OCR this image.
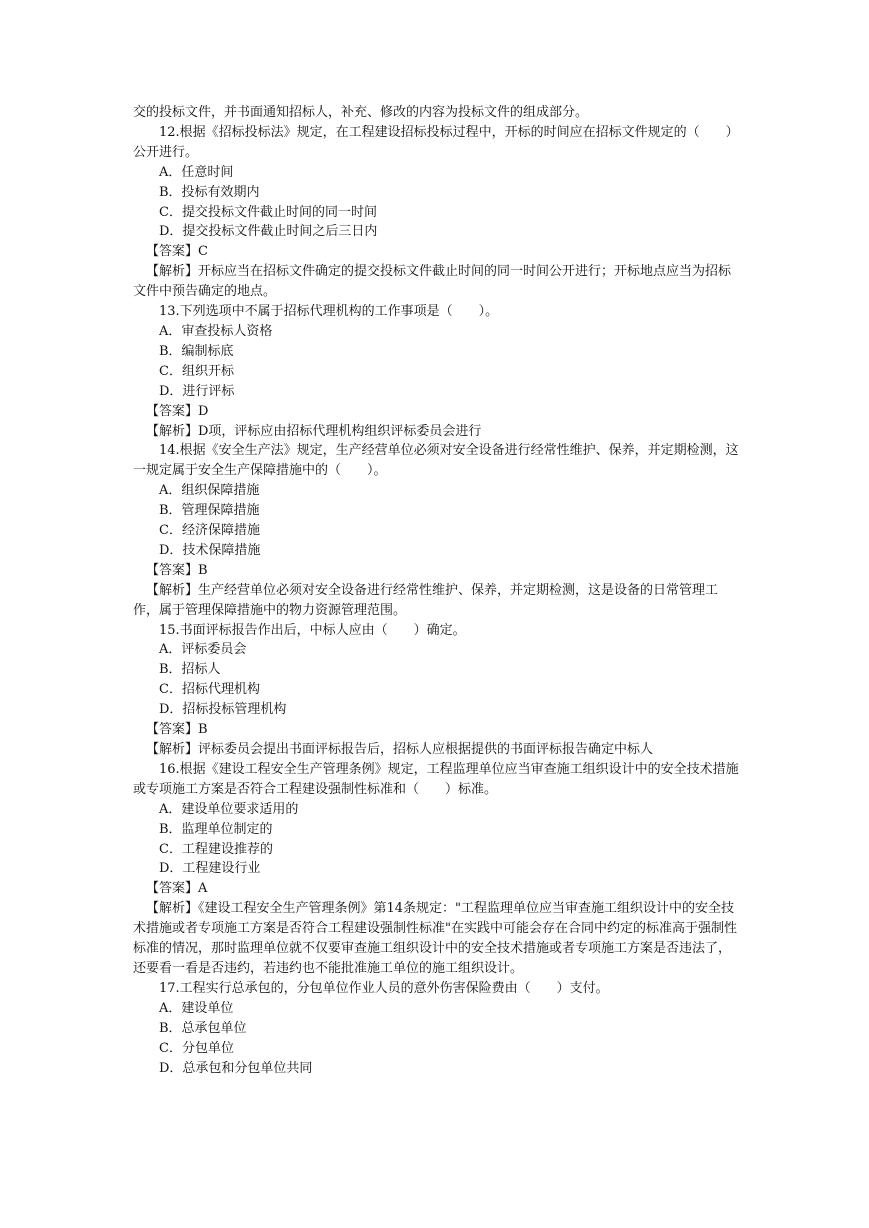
交的投标文件，并书面通知招标人，补充、修改的内容为投标文件的组成部分。

12.根据《招标投标法》规定，在工程建设招标投标过程中，开标的时间应在招标文件规定的（　　）公开进行。

A．任意时间

B．投标有效期内

C．提交投标文件截止时间的同一时间

D．提交投标文件截止时间之后三日内

【答案】C

【解析】开标应当在招标文件确定的提交投标文件截止时间的同一时间公开进行；开标地点应当为招标文件中预告确定的地点。

13.下列选项中不属于招标代理机构的工作事项是（　　）。

A．审查投标人资格

B．编制标底

C．组织开标

D．进行评标

【答案】D

【解析】D项，评标应由招标代理机构组织评标委员会进行

14.根据《安全生产法》规定，生产经营单位必须对安全设备进行经常性维护、保养，并定期检测，这一规定属于安全生产保障措施中的（　　）。

A．组织保障措施

B．管理保障措施

C．经济保障措施

D．技术保障措施

【答案】B

【解析】生产经营单位必须对安全设备进行经常性维护、保养，并定期检测，这是设备的日常管理工作，属于管理保障措施中的物力资源管理范围。

15.书面评标报告作出后，中标人应由（　　）确定。

A．评标委员会

B．招标人

C．招标代理机构

D．招标投标管理机构

【答案】B

【解析】评标委员会提出书面评标报告后，招标人应根据提供的书面评标报告确定中标人

16.根据《建设工程安全生产管理条例》规定，工程监理单位应当审查施工组织设计中的安全技术措施或专项施工方案是否符合工程建设强制性标准和（　　）标准。

A．建设单位要求适用的

B．监理单位制定的

C．工程建设推荐的

D．工程建设行业

【答案】A

【解析】《建设工程安全生产管理条例》第14条规定："工程监理单位应当审查施工组织设计中的安全技术措施或者专项施工方案是否符合工程建设强制性标准"在实践中可能会存在合同中约定的标准高于强制性标准的情况，那时监理单位就不仅要审查施工组织设计中的安全技术措施或者专项施工方案是否违法了，还要看一看是否违约，若违约也不能批准施工单位的施工组织设计。

17.工程实行总承包的，分包单位作业人员的意外伤害保险费由（　　）支付。

A．建设单位

B．总承包单位

C．分包单位

D．总承包和分包单位共同
